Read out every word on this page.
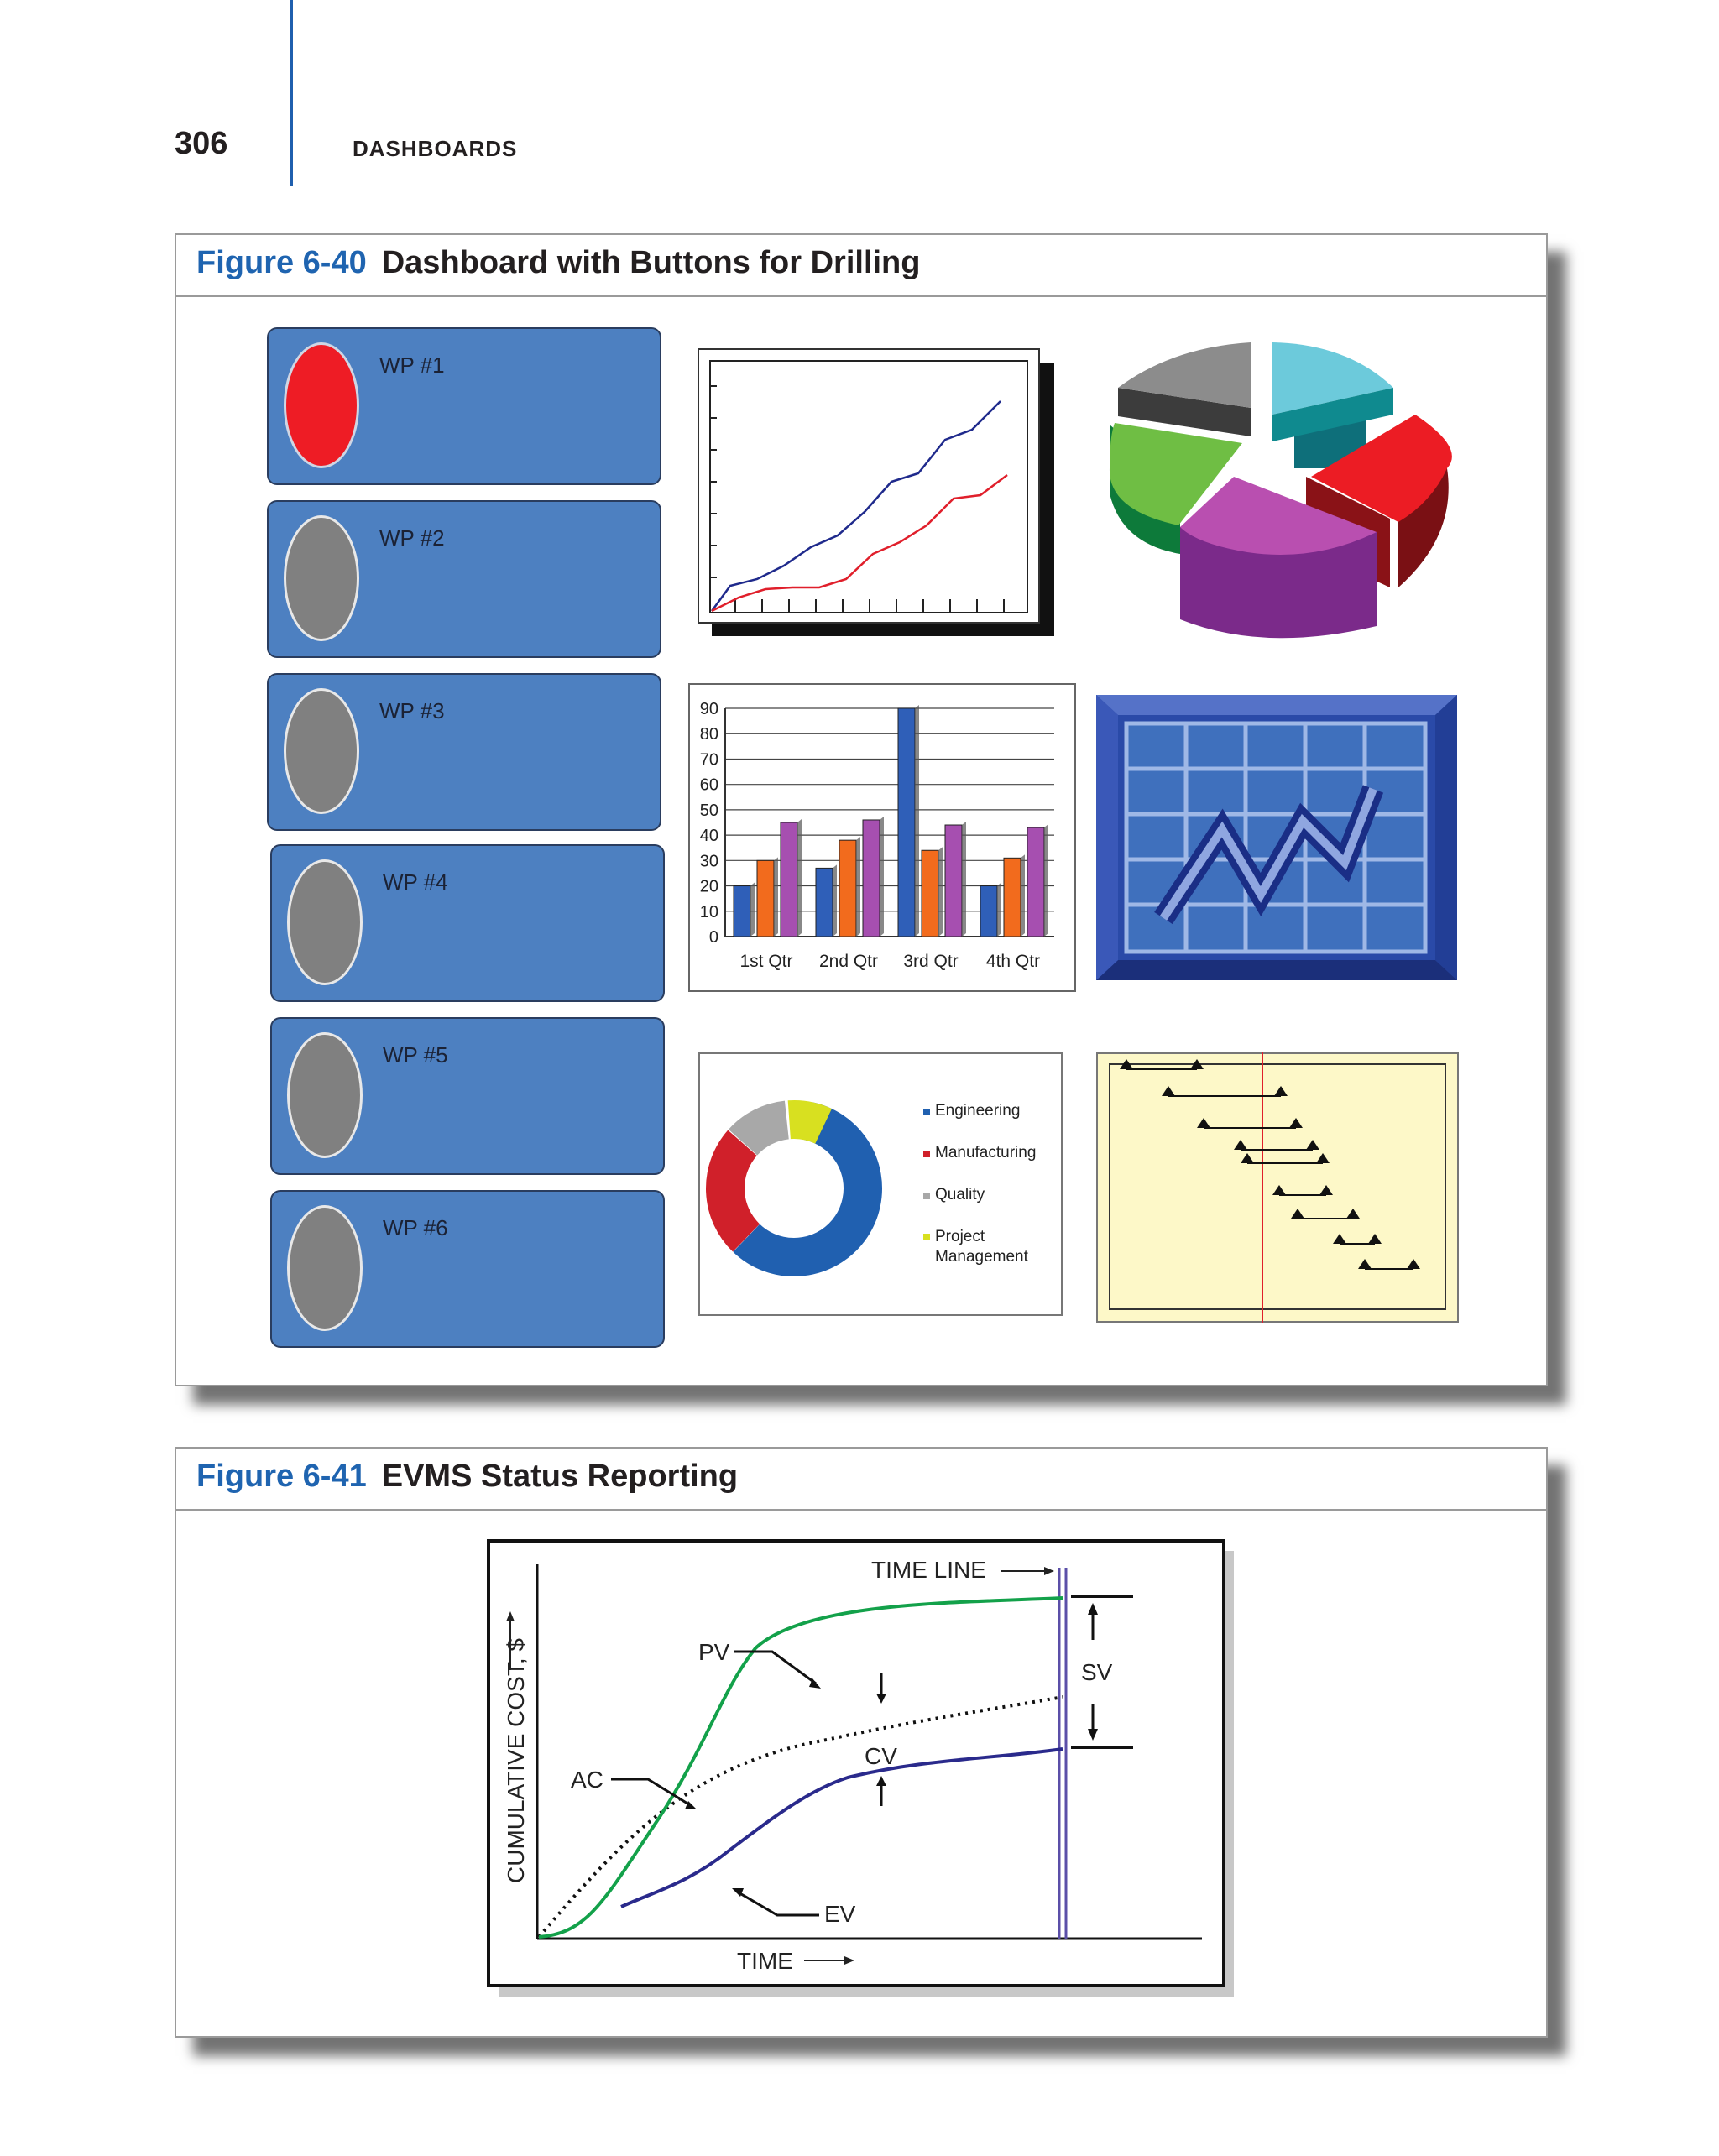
306	DASHBOARDS
Figure 6-40 Dashboard with Buttons for Drilling
WP #1
WP #2
WP #3
WP #4
WP #5
WP #6
0
10
20
30
40
50
60
70
80
90
1st Qtr 2nd Qtr 3rd Qtr 4th Qtr
Engineering
Manufacturing
Quality
Project Management
Figure 6-41 EVMS Status Reporting
CUMULATIVE COST, $
TIME
TIME LINE
PV
AC
EV
CV
SV
